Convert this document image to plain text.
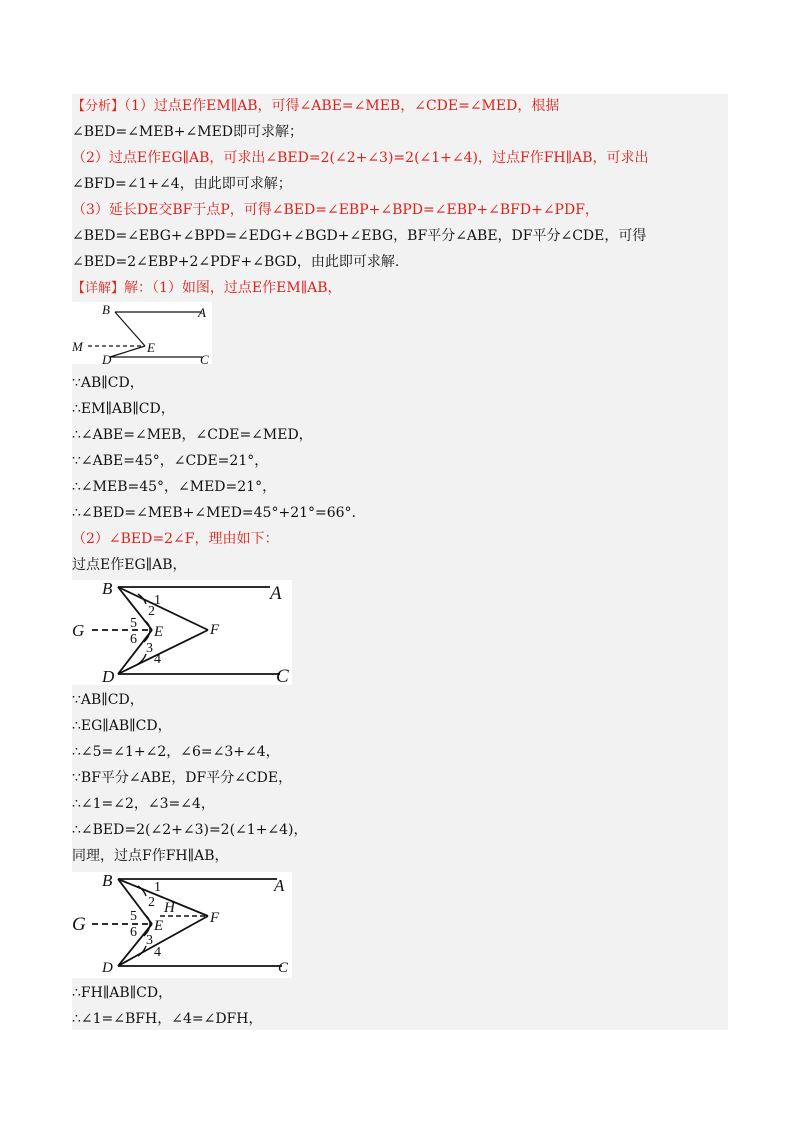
【分析】（1）过点E作EM∥AB，可得∠ABE=∠MEB，∠CDE=∠MED，根据
∠BED=∠MEB+∠MED即可求解；
（2）过点E作EG∥AB，可求出∠BED=2(∠2+∠3)=2(∠1+∠4)，过点F作FH∥AB，可求出
∠BFD=∠1+∠4，由此即可求解；
（3）延长DE交BF于点P，可得∠BED=∠EBP+∠BPD=∠EBP+∠BFD+∠PDF，
∠BED=∠EBG+∠BPD=∠EDG+∠BGD+∠EBG，BF平分∠ABE，DF平分∠CDE，可得
∠BED=2∠EBP+2∠PDF+∠BGD，由此即可求解.
【详解】解：（1）如图，过点E作EM∥AB，
B	A
M	E
D	C
∵AB∥CD，
∴EM∥AB∥CD，
∴∠ABE=∠MEB，∠CDE=∠MED，
∵∠ABE=45°，∠CDE=21°，
∴∠MEB=45°，∠MED=21°，
∴∠BED=∠MEB+∠MED=45°+21°=66°.
（2）∠BED=2∠F，理由如下：
过点E作EG∥AB，
B	A
G	E	F
D	C
1
2
3
4
5
6
∵AB∥CD，
∴EG∥AB∥CD，
∴∠5=∠1+∠2，∠6=∠3+∠4，
∵BF平分∠ABE，DF平分∠CDE，
∴∠1=∠2，∠3=∠4，
∴∠BED=2(∠2+∠3)=2(∠1+∠4)，
同理，过点F作FH∥AB，
B	A
G	E
H
F
D	C
1
2
3
4
5
6
∴FH∥AB∥CD，
∴∠1=∠BFH，∠4=∠DFH，
